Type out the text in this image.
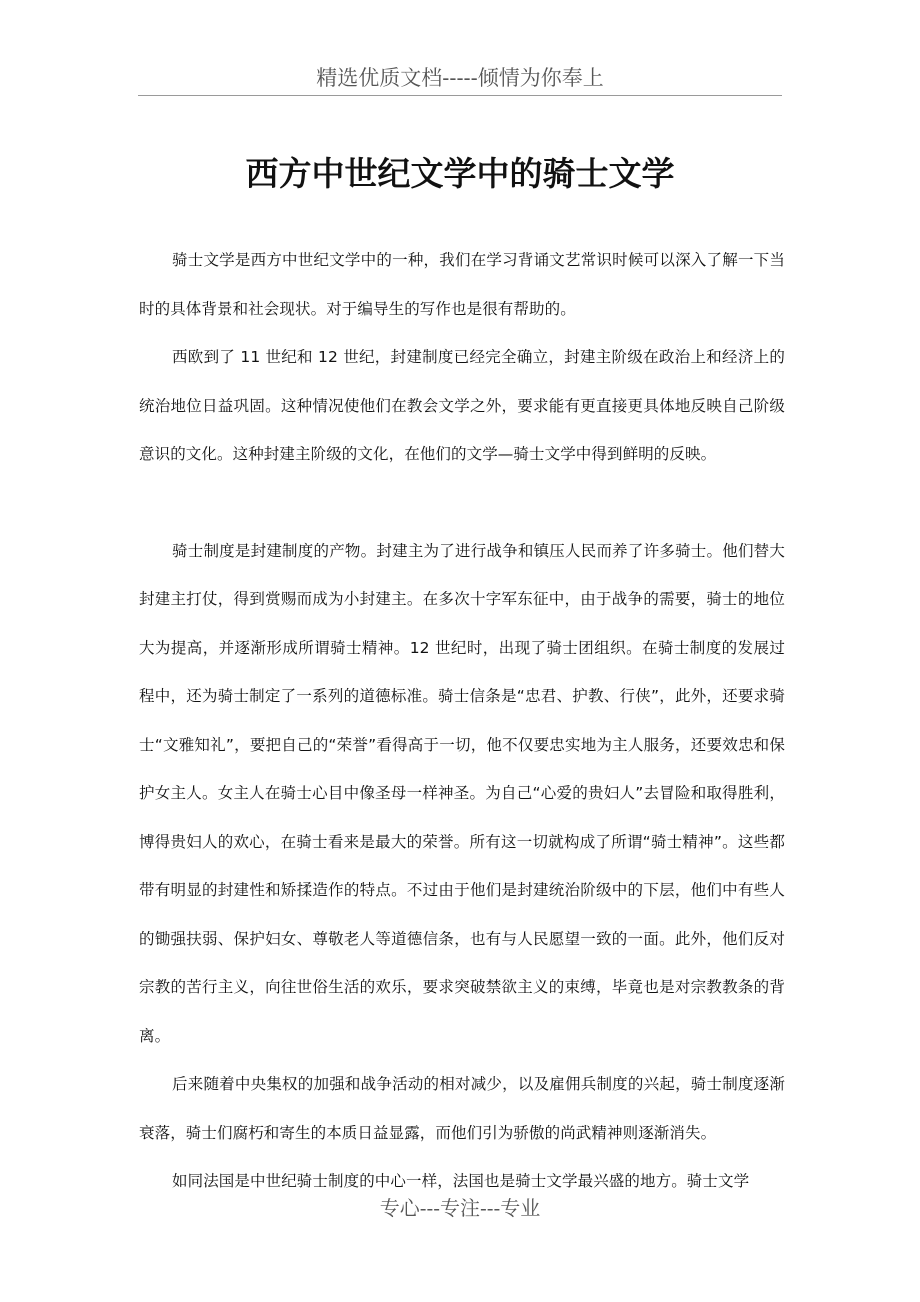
精选优质文档-----倾情为你奉上
西方中世纪文学中的骑士文学

骑士文学是西方中世纪文学中的一种，我们在学习背诵文艺常识时候可以深入了解一下当时的具体背景和社会现状。对于编导生的写作也是很有帮助的。

西欧到了 11 世纪和 12 世纪，封建制度已经完全确立，封建主阶级在政治上和经济上的统治地位日益巩固。这种情况使他们在教会文学之外，要求能有更直接更具体地反映自己阶级意识的文化。这种封建主阶级的文化，在他们的文学—骑士文学中得到鲜明的反映。

骑士制度是封建制度的产物。封建主为了进行战争和镇压人民而养了许多骑士。他们替大封建主打仗，得到赏赐而成为小封建主。在多次十字军东征中，由于战争的需要，骑士的地位大为提高，并逐渐形成所谓骑士精神。12 世纪时，出现了骑士团组织。在骑士制度的发展过程中，还为骑士制定了一系列的道德标准。骑士信条是“忠君、护教、行侠”，此外，还要求骑士“文雅知礼”，要把自己的“荣誉”看得高于一切，他不仅要忠实地为主人服务，还要效忠和保护女主人。女主人在骑士心目中像圣母一样神圣。为自己“心爱的贵妇人”去冒险和取得胜利，博得贵妇人的欢心，在骑士看来是最大的荣誉。所有这一切就构成了所谓“骑士精神”。这些都带有明显的封建性和矫揉造作的特点。不过由于他们是封建统治阶级中的下层，他们中有些人的锄强扶弱、保护妇女、尊敬老人等道德信条，也有与人民愿望一致的一面。此外，他们反对宗教的苦行主义，向往世俗生活的欢乐，要求突破禁欲主义的束缚，毕竟也是对宗教教条的背离。

后来随着中央集权的加强和战争活动的相对减少，以及雇佣兵制度的兴起，骑士制度逐渐衰落，骑士们腐朽和寄生的本质日益显露，而他们引为骄傲的尚武精神则逐渐消失。

如同法国是中世纪骑士制度的中心一样，法国也是骑士文学最兴盛的地方。骑士文学

专心---专注---专业
